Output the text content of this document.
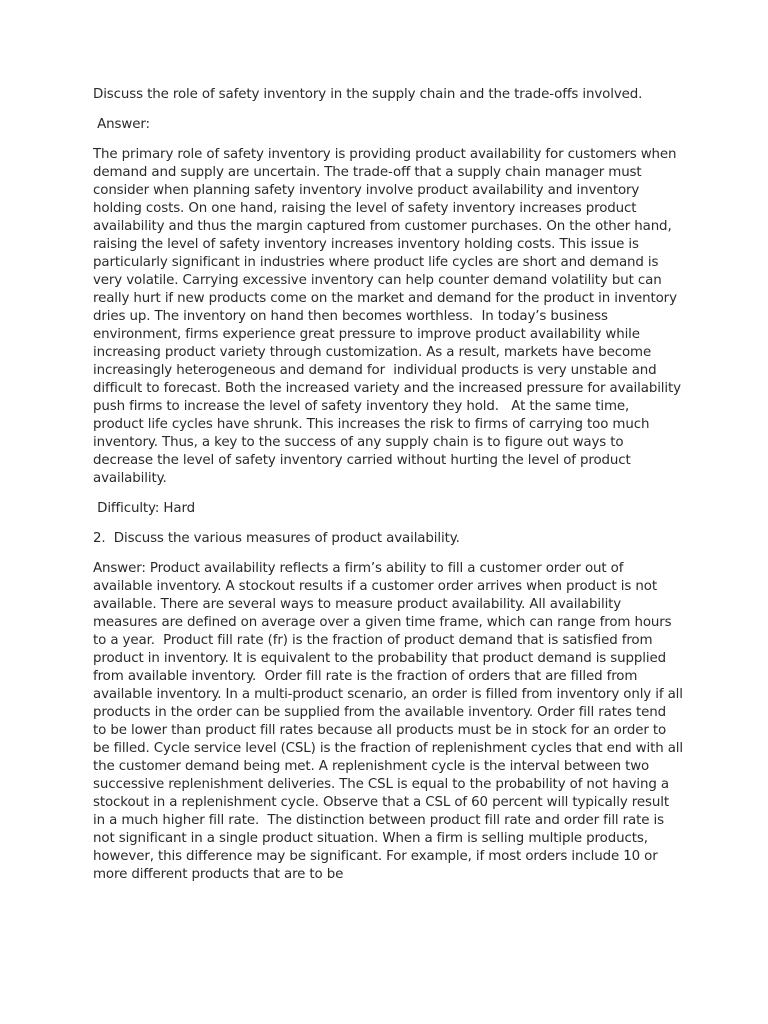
Discuss the role of safety inventory in the supply chain and the trade-offs involved.

Answer:

The primary role of safety inventory is providing product availability for customers when demand and supply are uncertain. The trade-off that a supply chain manager must consider when planning safety inventory involve product availability and inventory holding costs. On one hand, raising the level of safety inventory increases product availability and thus the margin captured from customer purchases. On the other hand, raising the level of safety inventory increases inventory holding costs. This issue is particularly significant in industries where product life cycles are short and demand is very volatile. Carrying excessive inventory can help counter demand volatility but can really hurt if new products come on the market and demand for the product in inventory dries up. The inventory on hand then becomes worthless.  In today’s business environment, firms experience great pressure to improve product availability while increasing product variety through customization. As a result, markets have become increasingly heterogeneous and demand for  individual products is very unstable and difficult to forecast. Both the increased variety and the increased pressure for availability push firms to increase the level of safety inventory they hold.   At the same time, product life cycles have shrunk. This increases the risk to firms of carrying too much inventory. Thus, a key to the success of any supply chain is to figure out ways to decrease the level of safety inventory carried without hurting the level of product availability.

Difficulty: Hard

2.  Discuss the various measures of product availability.

Answer: Product availability reflects a firm’s ability to fill a customer order out of available inventory. A stockout results if a customer order arrives when product is not available. There are several ways to measure product availability. All availability measures are defined on average over a given time frame, which can range from hours to a year.  Product fill rate (fr) is the fraction of product demand that is satisfied from product in inventory. It is equivalent to the probability that product demand is supplied from available inventory.  Order fill rate is the fraction of orders that are filled from available inventory. In a multi-product scenario, an order is filled from inventory only if all products in the order can be supplied from the available inventory. Order fill rates tend to be lower than product fill rates because all products must be in stock for an order to be filled. Cycle service level (CSL) is the fraction of replenishment cycles that end with all the customer demand being met. A replenishment cycle is the interval between two successive replenishment deliveries. The CSL is equal to the probability of not having a stockout in a replenishment cycle. Observe that a CSL of 60 percent will typically result in a much higher fill rate.  The distinction between product fill rate and order fill rate is not significant in a single product situation. When a firm is selling multiple products, however, this difference may be significant. For example, if most orders include 10 or more different products that are to be
